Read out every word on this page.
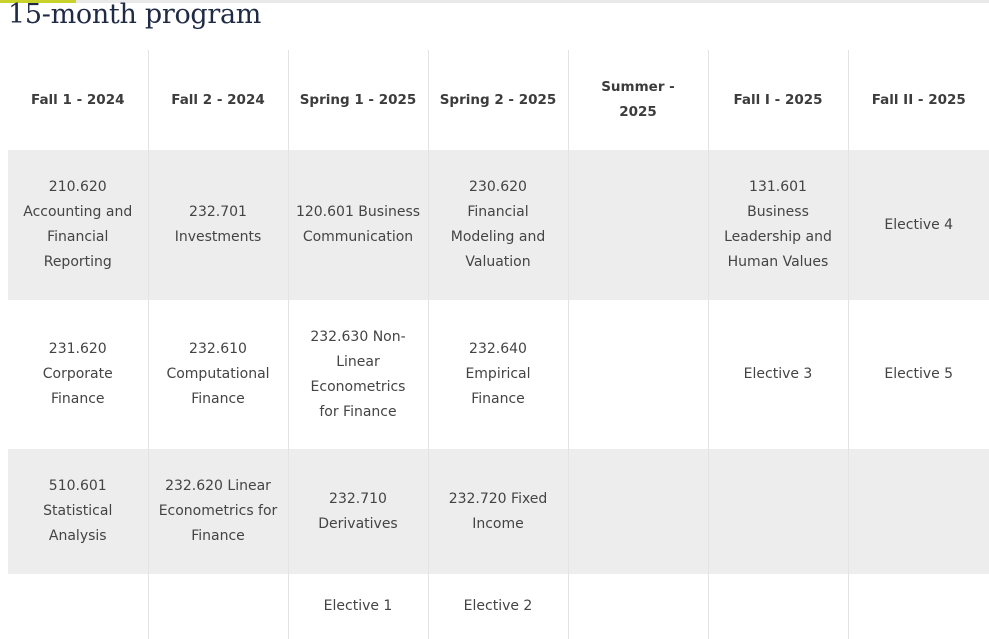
15-month program
Fall 1 - 2024	Fall 2 - 2024	Spring 1 - 2025	Spring 2 - 2025	Summer - 2025	Fall I - 2025	Fall II - 2025
210.620 Accounting and Financial Reporting	232.701 Investments	120.601 Business Communication	230.620 Financial Modeling and Valuation		131.601 Business Leadership and Human Values	Elective 4
231.620 Corporate Finance	232.610 Computational Finance	232.630 Non-Linear Econometrics for Finance	232.640 Empirical Finance		Elective 3	Elective 5
510.601 Statistical Analysis	232.620 Linear Econometrics for Finance	232.710 Derivatives	232.720 Fixed Income			
		Elective 1	Elective 2			
